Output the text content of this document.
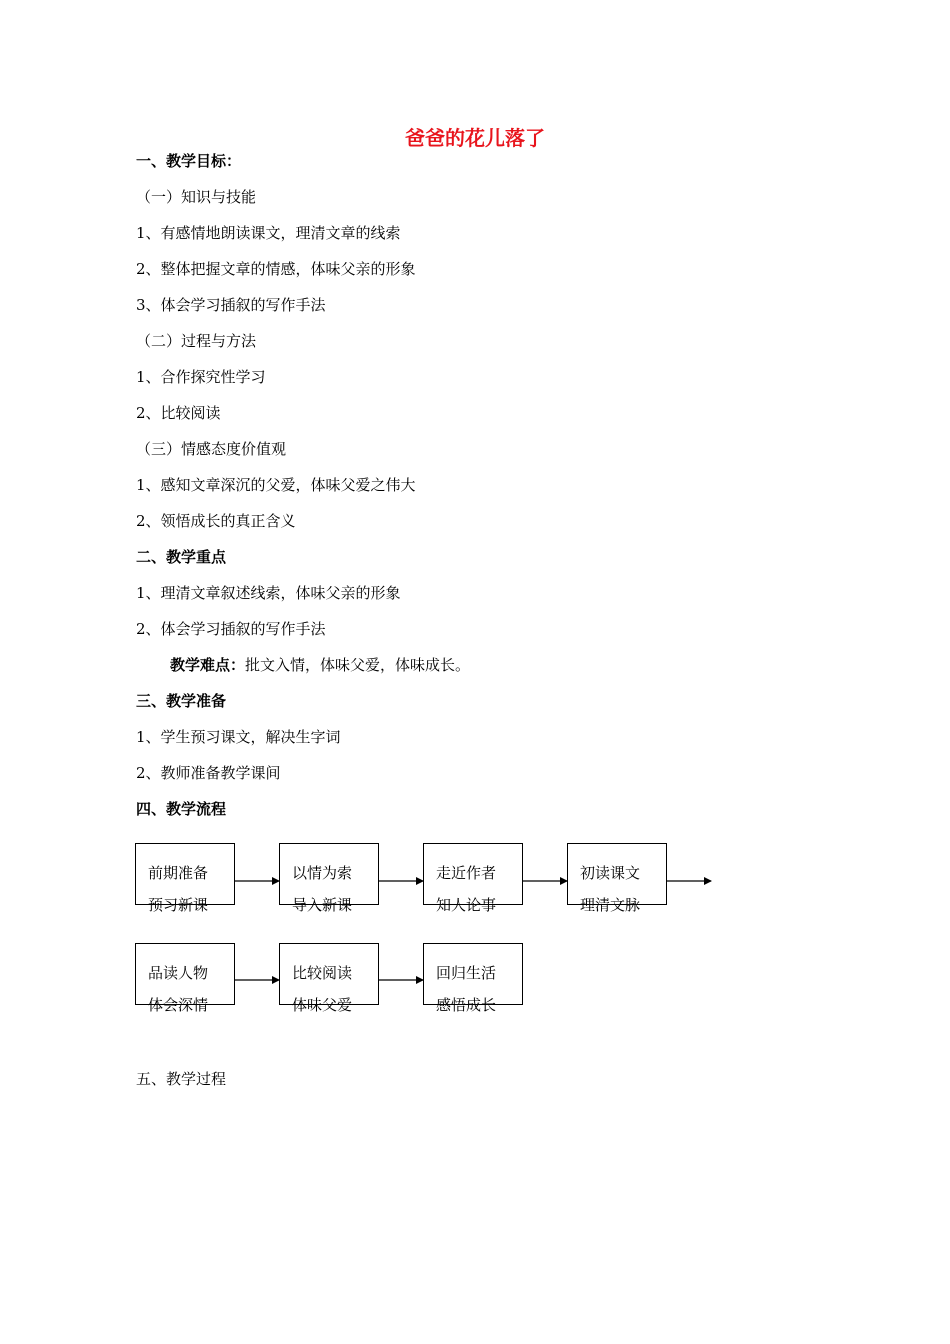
爸爸的花儿落了
一、教学目标：
（一）知识与技能
1、有感情地朗读课文，理清文章的线索
2、整体把握文章的情感，体味父亲的形象
3、体会学习插叙的写作手法
（二）过程与方法
1、合作探究性学习
2、比较阅读
（三）情感态度价值观
1、感知文章深沉的父爱，体味父爱之伟大
2、领悟成长的真正含义
二、教学重点
1、理清文章叙述线索，体味父亲的形象
2、体会学习插叙的写作手法
教学难点：批文入情，体味父爱，体味成长。
三、教学准备
1、学生预习课文，解决生字词
2、教师准备教学课间
四、教学流程
前期准备
预习新课
以情为索
导入新课
走近作者
知人论事
初读课文
理清文脉
品读人物
体会深情
比较阅读
体味父爱
回归生活
感悟成长
五、教学过程
